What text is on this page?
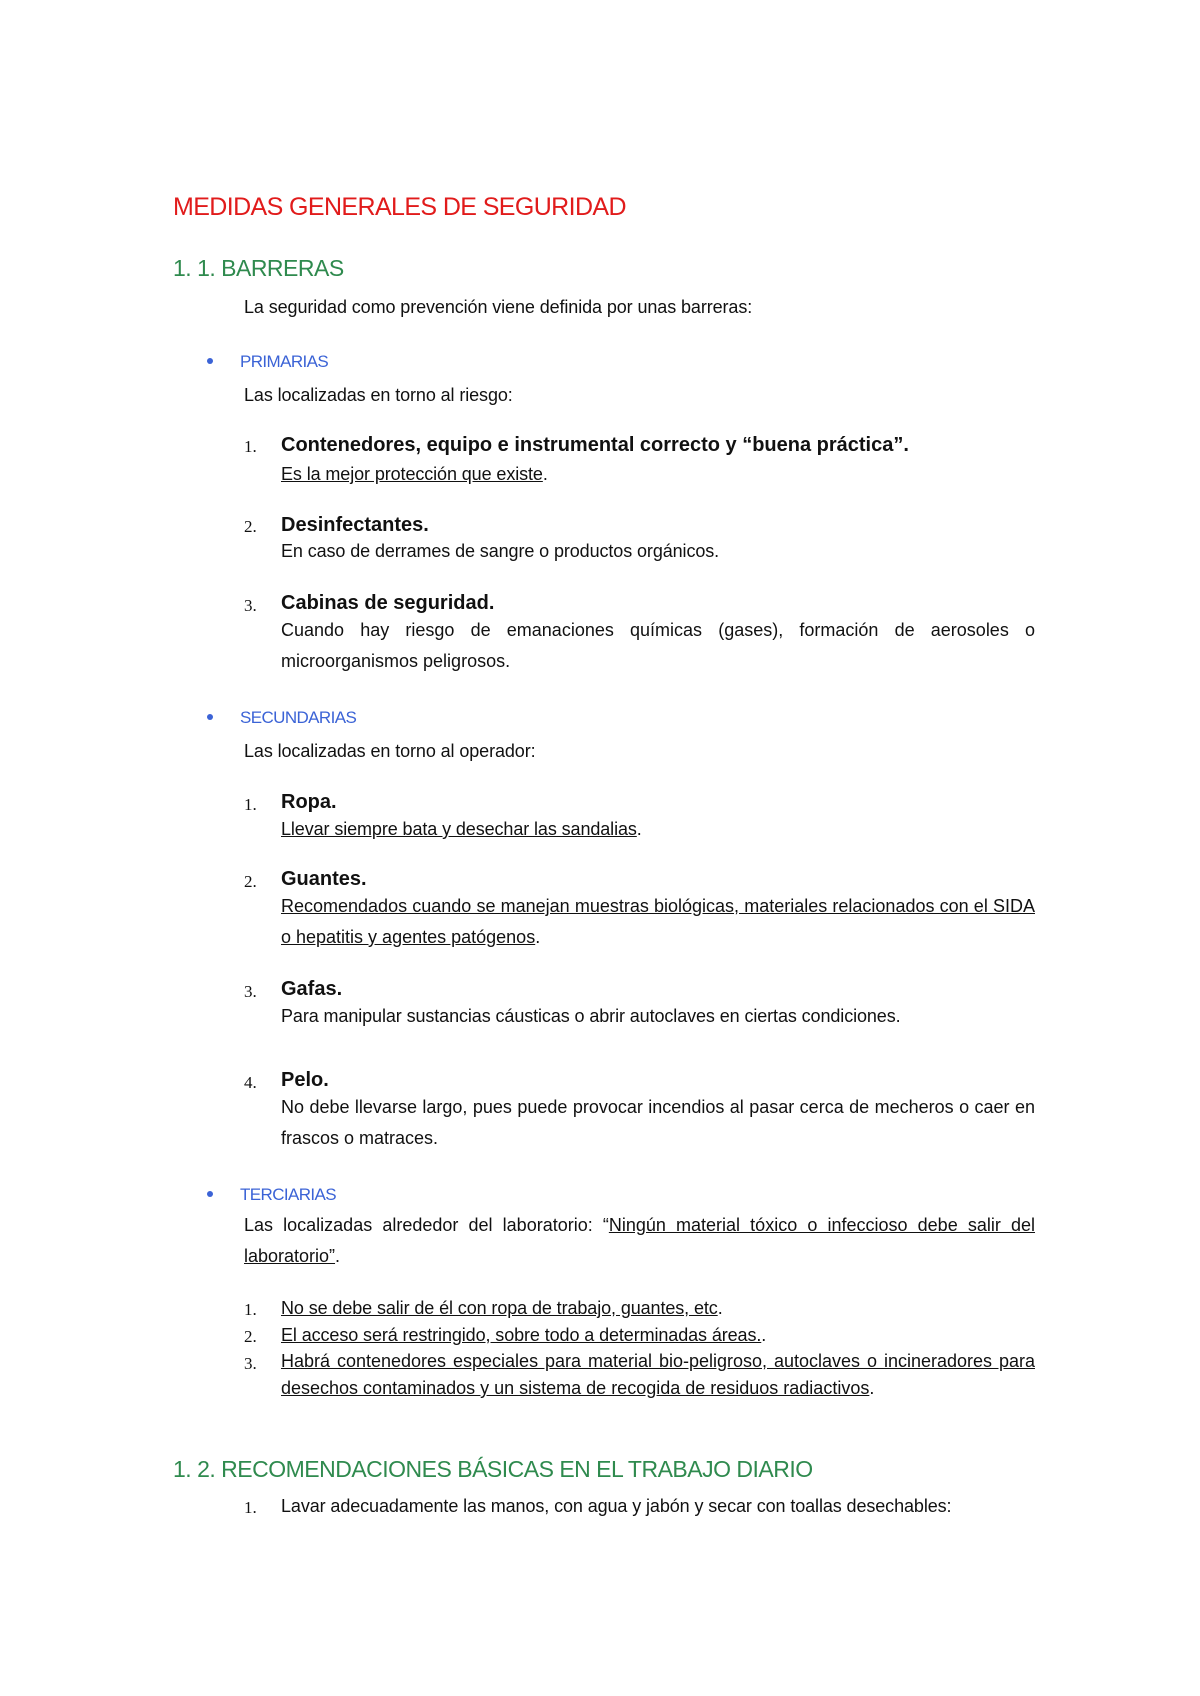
MEDIDAS GENERALES DE SEGURIDAD
1. 1. BARRERAS
La seguridad como prevención viene definida por unas barreras:
PRIMARIAS
Las localizadas en torno al riesgo:
1. Contenedores, equipo e instrumental correcto y “buena práctica”.
Es la mejor protección que existe.
2. Desinfectantes.
En caso de derrames de sangre o productos orgánicos.
3. Cabinas de seguridad.
Cuando hay riesgo de emanaciones químicas (gases), formación de aerosoles o microorganismos peligrosos.
SECUNDARIAS
Las localizadas en torno al operador:
1. Ropa.
Llevar siempre bata y desechar las sandalias.
2. Guantes.
Recomendados cuando se manejan muestras biológicas, materiales relacionados con el SIDA o hepatitis y agentes patógenos.
3. Gafas.
Para manipular sustancias cáusticas o abrir autoclaves en ciertas condiciones.
4. Pelo.
No debe llevarse largo, pues puede provocar incendios al pasar cerca de mecheros o caer en frascos o matraces.
TERCIARIAS
Las localizadas alrededor del laboratorio: “Ningún material tóxico o infeccioso debe salir del laboratorio”.
1. No se debe salir de él con ropa de trabajo, guantes, etc.
2. El acceso será restringido, sobre todo a determinadas áreas..
3. Habrá contenedores especiales para material bio-peligroso, autoclaves o incineradores para desechos contaminados y un sistema de recogida de residuos radiactivos.
1. 2. RECOMENDACIONES BÁSICAS EN EL TRABAJO DIARIO
1. Lavar adecuadamente las manos, con agua y jabón y secar con toallas desechables:
